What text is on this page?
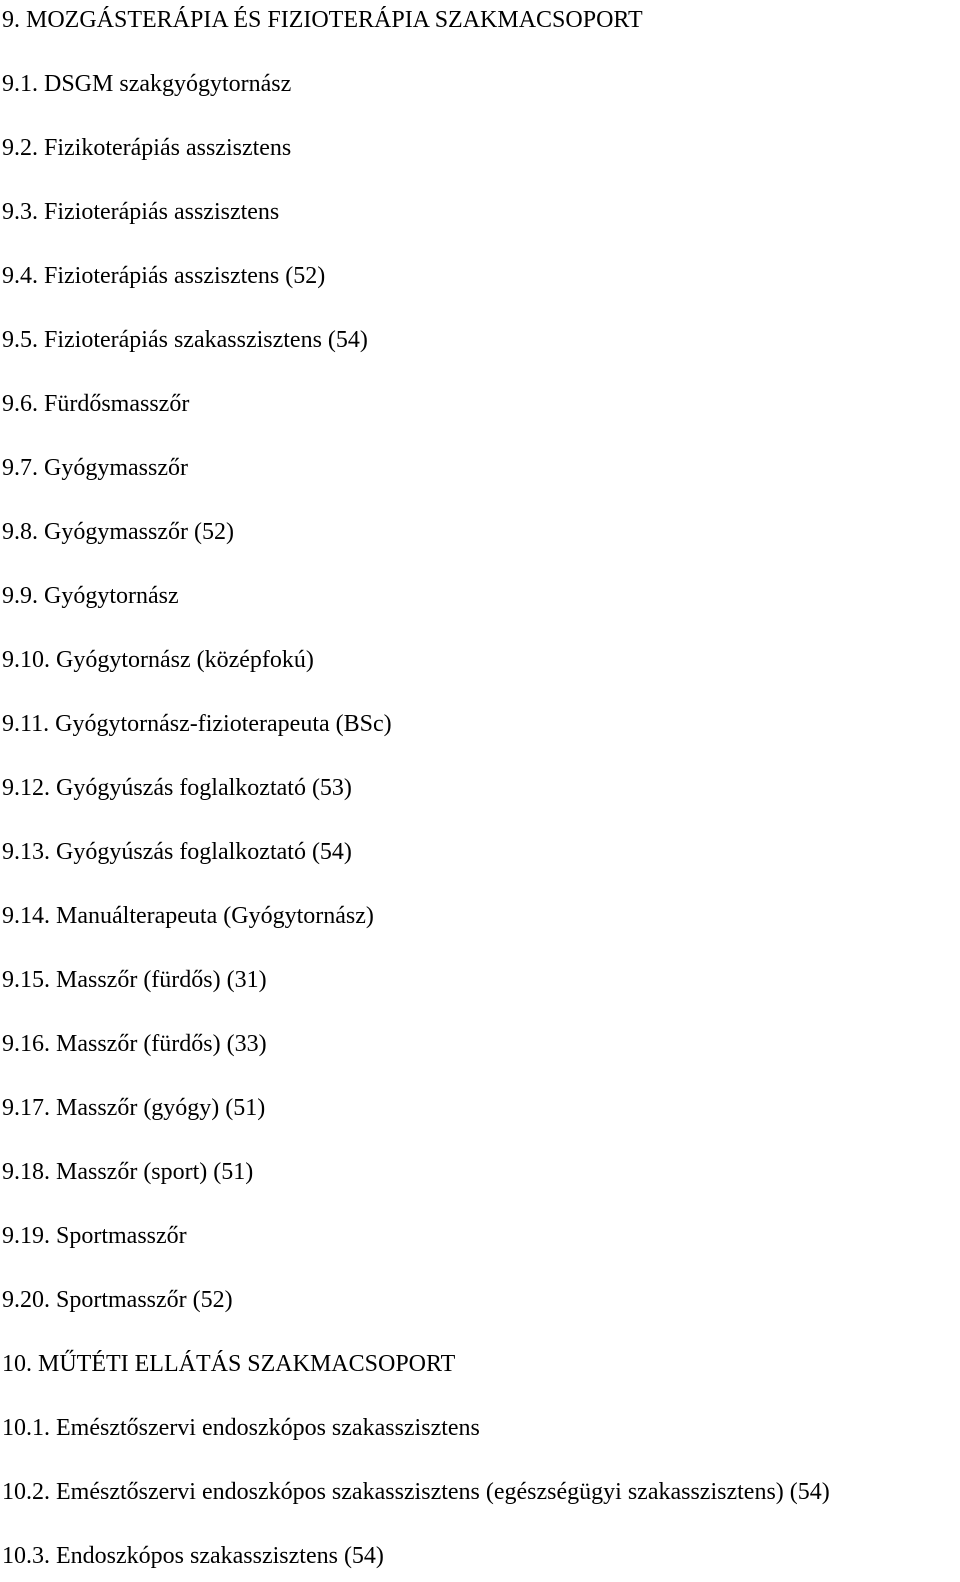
9. MOZGÁSTERÁPIA ÉS FIZIOTERÁPIA SZAKMACSOPORT
9.1. DSGM szakgyógytornász
9.2. Fizikoterápiás asszisztens
9.3. Fizioterápiás asszisztens
9.4. Fizioterápiás asszisztens (52)
9.5. Fizioterápiás szakasszisztens (54)
9.6. Fürdősmasszőr
9.7. Gyógymasszőr
9.8. Gyógymasszőr (52)
9.9. Gyógytornász
9.10. Gyógytornász (középfokú)
9.11. Gyógytornász-fizioterapeuta (BSc)
9.12. Gyógyúszás foglalkoztató (53)
9.13. Gyógyúszás foglalkoztató (54)
9.14. Manuálterapeuta (Gyógytornász)
9.15. Masszőr (fürdős) (31)
9.16. Masszőr (fürdős) (33)
9.17. Masszőr (gyógy) (51)
9.18. Masszőr (sport) (51)
9.19. Sportmasszőr
9.20. Sportmasszőr (52)
10. MŰTÉTI ELLÁTÁS SZAKMACSOPORT
10.1. Emésztőszervi endoszkópos szakasszisztens
10.2. Emésztőszervi endoszkópos szakasszisztens (egészségügyi szakasszisztens) (54)
10.3. Endoszkópos szakasszisztens (54)
